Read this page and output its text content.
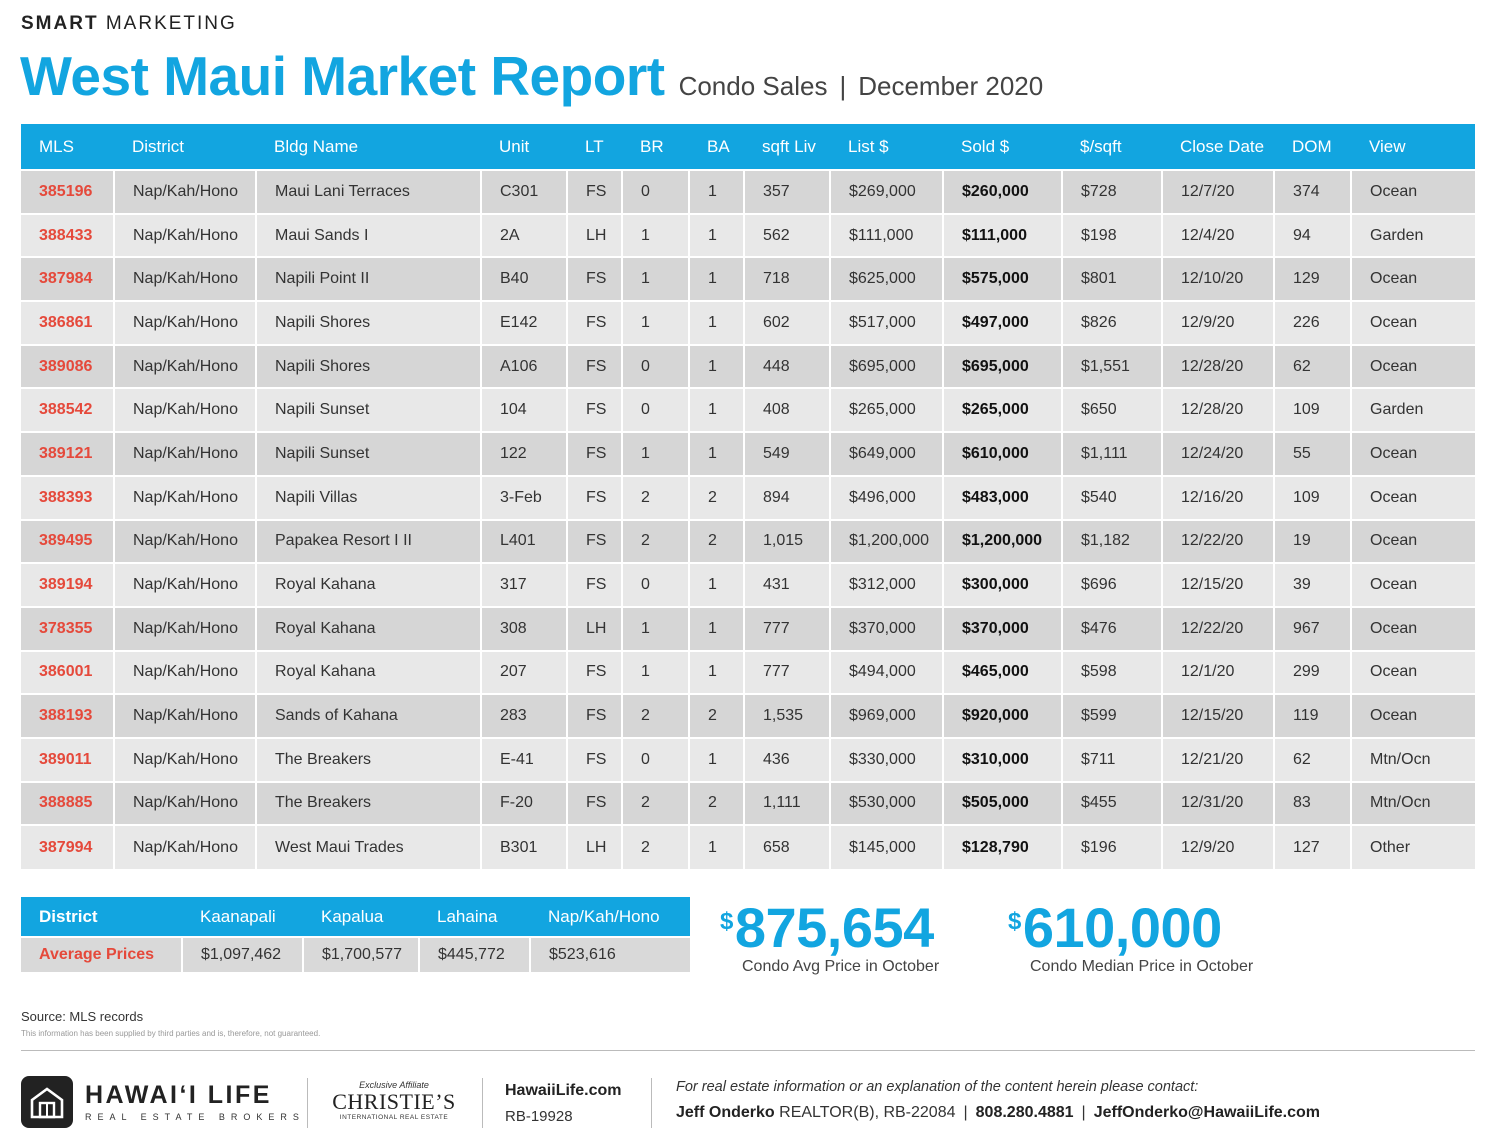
SMART MARKETING
West Maui Market Report Condo Sales | December 2020
MLS	District	Bldg Name	Unit	LT	BR	BA	sqft Liv	List $	Sold $	$/sqft	Close Date	DOM	View
385196	Nap/Kah/Hono	Maui Lani Terraces	C301	FS	0	1	357	$269,000	$260,000	$728	12/7/20	374	Ocean
388433	Nap/Kah/Hono	Maui Sands I	2A	LH	1	1	562	$111,000	$111,000	$198	12/4/20	94	Garden
387984	Nap/Kah/Hono	Napili Point II	B40	FS	1	1	718	$625,000	$575,000	$801	12/10/20	129	Ocean
386861	Nap/Kah/Hono	Napili Shores	E142	FS	1	1	602	$517,000	$497,000	$826	12/9/20	226	Ocean
389086	Nap/Kah/Hono	Napili Shores	A106	FS	0	1	448	$695,000	$695,000	$1,551	12/28/20	62	Ocean
388542	Nap/Kah/Hono	Napili Sunset	104	FS	0	1	408	$265,000	$265,000	$650	12/28/20	109	Garden
389121	Nap/Kah/Hono	Napili Sunset	122	FS	1	1	549	$649,000	$610,000	$1,111	12/24/20	55	Ocean
388393	Nap/Kah/Hono	Napili Villas	3-Feb	FS	2	2	894	$496,000	$483,000	$540	12/16/20	109	Ocean
389495	Nap/Kah/Hono	Papakea Resort I II	L401	FS	2	2	1,015	$1,200,000	$1,200,000	$1,182	12/22/20	19	Ocean
389194	Nap/Kah/Hono	Royal Kahana	317	FS	0	1	431	$312,000	$300,000	$696	12/15/20	39	Ocean
378355	Nap/Kah/Hono	Royal Kahana	308	LH	1	1	777	$370,000	$370,000	$476	12/22/20	967	Ocean
386001	Nap/Kah/Hono	Royal Kahana	207	FS	1	1	777	$494,000	$465,000	$598	12/1/20	299	Ocean
388193	Nap/Kah/Hono	Sands of Kahana	283	FS	2	2	1,535	$969,000	$920,000	$599	12/15/20	119	Ocean
389011	Nap/Kah/Hono	The Breakers	E-41	FS	0	1	436	$330,000	$310,000	$711	12/21/20	62	Mtn/Ocn
388885	Nap/Kah/Hono	The Breakers	F-20	FS	2	2	1,111	$530,000	$505,000	$455	12/31/20	83	Mtn/Ocn
387994	Nap/Kah/Hono	West Maui Trades	B301	LH	2	1	658	$145,000	$128,790	$196	12/9/20	127	Other
District	Kaanapali	Kapalua	Lahaina	Nap/Kah/Hono
Average Prices	$1,097,462	$1,700,577	$445,772	$523,616
$875,654
Condo Avg Price in October
$610,000
Condo Median Price in October
Source: MLS records
This information has been supplied by third parties and is, therefore, not guaranteed.
HAWAI‘I LIFE
REAL ESTATE BROKERS
Exclusive Affiliate
CHRISTIE’S
INTERNATIONAL REAL ESTATE
HawaiiLife.com
RB-19928
For real estate information or an explanation of the content herein please contact:
Jeff Onderko REALTOR(B), RB-22084 | 808.280.4881 | JeffOnderko@HawaiiLife.com
